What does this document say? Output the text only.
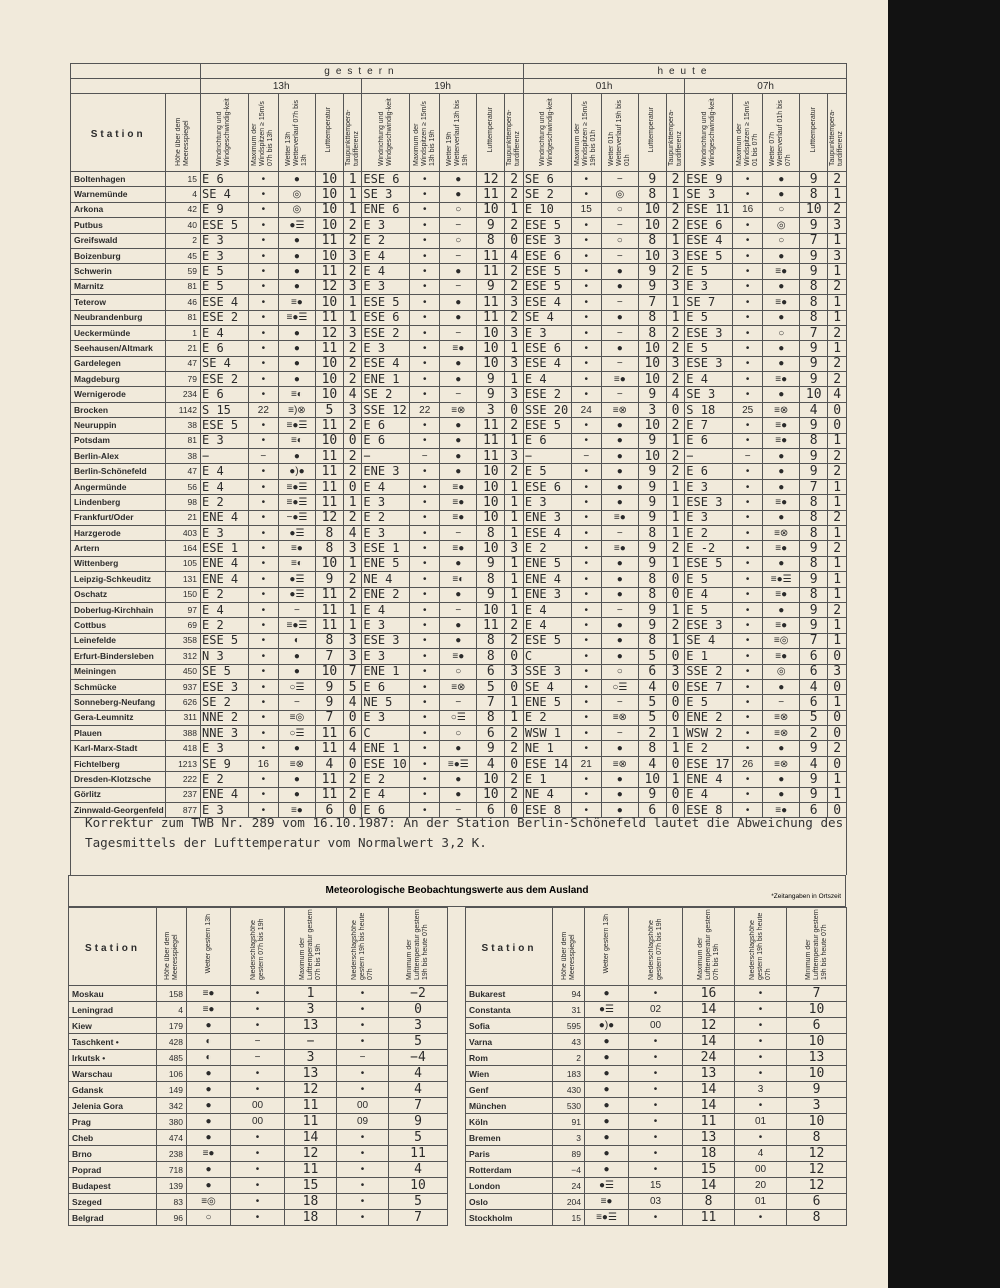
		gestern										heute									
		13h					19h					01h					07h				
Station	Höhe über dem Meeresspiegel	Windrichtung und Windgeschwindig-keit	Maximum der Windspitzen ≥ 15m/s 07h bis 13h	Wetter 13h Wetterverlauf 07h bis 13h	Lufttemperatur	Taupunkttempera-turdifferenz	Windrichtung und Windgeschwindig-keit	Maximum der Windspitzen ≥ 15m/s 13h bis 19h	Wetter 19h Wetterverlauf 13h bis 19h	Lufttemperatur	Taupunkttempera-turdifferenz	Windrichtung und Windgeschwindig-keit	Maximum der Windspitzen ≥ 15m/s 19h bis 01h	Wetter 01h Wetterverlauf 19h bis 01h	Lufttemperatur	Taupunkttempera-turdifferenz	Windrichtung und Windgeschwindig-keit	Maximum der Windspitzen ≥ 15m/s 01 bis 07h	Wetter 07h Wetterverlauf 01h bis 07h	Lufttemperatur	Taupunkttempera-turdifferenz
Boltenhagen	15	E 6	•	●	10	1	ESE 6	•	●	12	2	SE 6	•	−	9	2	ESE 9	•	●	9	2
Warnemünde	4	SE 4	•	◎	10	1	SE 3	•	●	11	2	SE 2	•	◎	8	1	SE 3	•	●	8	1
Arkona	42	E 9	•	◎	10	1	ENE 6	•	○	10	1	E 10	15	○	10	2	ESE 11	16	○	10	2
Putbus	40	ESE 5	•	●☰	10	2	E 3	•	−	9	2	ESE 5	•	−	10	2	ESE 6	•	◎	9	3
Greifswald	2	E 3	•	●	11	2	E 2	•	○	8	0	ESE 3	•	○	8	1	ESE 4	•	○	7	1
Boizenburg	45	E 3	•	●	10	3	E 4	•	−	11	4	ESE 6	•	−	10	3	ESE 5	•	●	9	3
Schwerin	59	E 5	•	●	11	2	E 4	•	●	11	2	ESE 5	•	●	9	2	E 5	•	≡●	9	1
Marnitz	81	E 5	•	●	12	3	E 3	•	−	9	2	ESE 5	•	●	9	3	E 3	•	●	8	2
Teterow	46	ESE 4	•	≡●	10	1	ESE 5	•	●	11	3	ESE 4	•	−	7	1	SE 7	•	≡●	8	1
Neubrandenburg	81	ESE 2	•	≡●☰	11	1	ESE 6	•	●	11	2	SE 4	•	●	8	1	E 5	•	●	8	1
Ueckermünde	1	E 4	•	●	12	3	ESE 2	•	−	10	3	E 3	•	−	8	2	ESE 3	•	○	7	2
Seehausen/Altmark	21	E 6	•	●	11	2	E 3	•	≡●	10	1	ESE 6	•	●	10	2	E 5	•	●	9	1
Gardelegen	47	SE 4	•	●	10	2	ESE 4	•	●	10	3	ESE 4	•	−	10	3	ESE 3	•	●	9	2
Magdeburg	79	ESE 2	•	●	10	2	ENE 1	•	●	9	1	E 4	•	≡●	10	2	E 4	•	≡●	9	2
Wernigerode	234	E 6	•	≡◐	10	4	SE 2	•	−	9	3	ESE 2	•	−	9	4	SE 3	•	●	10	4
Brocken	1142	S 15	22	≡)⊗	5	3	SSE 12	22	≡⊗	3	0	SSE 20	24	≡⊗	3	0	S 18	25	≡⊗	4	0
Neuruppin	38	ESE 5	•	≡●☰	11	2	E 6	•	●	11	2	ESE 5	•	●	10	2	E 7	•	≡●	9	0
Potsdam	81	E 3	•	≡◐	10	0	E 6	•	●	11	1	E 6	•	●	9	1	E 6	•	≡●	8	1
Berlin-Alex	38	−	−	●	11	2	−	−	●	11	3	−	−	●	10	2	−	−	●	9	2
Berlin-Schönefeld	47	E 4	•	●)●	11	2	ENE 3	•	●	10	2	E 5	•	●	9	2	E 6	•	●	9	2
Angermünde	56	E 4	•	≡●☰	11	0	E 4	•	≡●	10	1	ESE 6	•	●	9	1	E 3	•	●	7	1
Lindenberg	98	E 2	•	≡●☰	11	1	E 3	•	≡●	10	1	E 3	•	●	9	1	ESE 3	•	≡●	8	1
Frankfurt/Oder	21	ENE 4	•	−●☰	12	2	E 2	•	≡●	10	1	ENE 3	•	≡●	9	1	E 3	•	●	8	2
Harzgerode	403	E 3	•	●☰	8	4	E 3	•	−	8	1	ESE 4	•	−	8	1	E 2	•	≡⊗	8	1
Artern	164	ESE 1	•	≡●	8	3	ESE 1	•	≡●	10	3	E 2	•	≡●	9	2	E -2	•	≡●	9	2
Wittenberg	105	ENE 4	•	≡◐	10	1	ENE 5	•	●	9	1	ENE 5	•	●	9	1	ESE 5	•	●	8	1
Leipzig-Schkeuditz	131	ENE 4	•	●☰	9	2	NE 4	•	≡◐	8	1	ENE 4	•	●	8	0	E 5	•	≡●☰	9	1
Oschatz	150	E 2	•	●☰	11	2	ENE 2	•	●	9	1	ENE 3	•	●	8	0	E 4	•	≡●	8	1
Doberlug-Kirchhain	97	E 4	•	−	11	1	E 4	•	−	10	1	E 4	•	−	9	1	E 5	•	●	9	2
Cottbus	69	E 2	•	≡●☰	11	1	E 3	•	●	11	2	E 4	•	●	9	2	ESE 3	•	≡●	9	1
Leinefelde	358	ESE 5	•	◐	8	3	ESE 3	•	●	8	2	ESE 5	•	●	8	1	SE 4	•	≡◎	7	1
Erfurt-Bindersleben	312	N 3	•	●	7	3	E 3	•	≡●	8	0	C	•	●	5	0	E 1	•	≡●	6	0
Meiningen	450	SE 5	•	●	10	7	ENE 1	•	○	6	3	SSE 3	•	○	6	3	SSE 2	•	◎	6	3
Schmücke	937	ESE 3	•	○☰	9	5	E 6	•	≡⊗	5	0	SE 4	•	○☰	4	0	ESE 7	•	●	4	0
Sonneberg-Neufang	626	SE 2	•	−	9	4	NE 5	•	−	7	1	ENE 5	•	−	5	0	E 5	•	−	6	1
Gera-Leumnitz	311	NNE 2	•	≡◎	7	0	E 3	•	○☰	8	1	E 2	•	≡⊗	5	0	ENE 2	•	≡⊗	5	0
Plauen	388	NNE 3	•	○☰	11	6	C	•	○	6	2	WSW 1	•	−	2	1	WSW 2	•	≡⊗	2	0
Karl-Marx-Stadt	418	E 3	•	●	11	4	ENE 1	•	●	9	2	NE 1	•	●	8	1	E 2	•	●	9	2
Fichtelberg	1213	SE 9	16	≡⊗	4	0	ESE 10	•	≡●☰	4	0	ESE 14	21	≡⊗	4	0	ESE 17	26	≡⊗	4	0
Dresden-Klotzsche	222	E 2	•	●	11	2	E 2	•	●	10	2	E 1	•	●	10	1	ENE 4	•	●	9	1
Görlitz	237	ENE 4	•	●	11	2	E 4	•	●	10	2	NE 4	•	●	9	0	E 4	•	●	9	1
Zinnwald-Georgenfeld	877	E 3	•	≡●	6	0	E 6	•	−	6	0	ESE 8	•	●	6	0	ESE 8	•	≡●	6	0

Korrektur zum TWB Nr. 289 vom 16.10.1987: An der Station Berlin-Schönefeld lautet die Abweichung des
Tagesmittels der Lufttemperatur vom Normalwert 3,2 K.

Meteorologische Beobachtungswerte aus dem Ausland
*Zeitangaben in Ortszeit
Station	Höhe über dem Meeresspiegel	Wetter gestern 13h	Niederschlagshöhe gestern 07h bis 19h	Maximum der Lufttemperatur gestern 07h bis 19h	Niederschlagshöhe gestern 19h bis heute 07h	Minimum der Lufttemperatur gestern 19h bis heute 07h
Moskau	158	≡●	•	1	•	−2
Leningrad	4	≡●	•	3	•	0
Kiew	179	●	•	13	•	3
Taschkent •	428	◐	−	−	•	5
Irkutsk •	485	◐	−	3	−	−4
Warschau	106	●	•	13	•	4
Gdansk	149	●	•	12	•	4
Jelenia Gora	342	●	00	11	00	7
Prag	380	●	00	11	09	9
Cheb	474	●	•	14	•	5
Brno	238	≡●	•	12	•	11
Poprad	718	●	•	11	•	4
Budapest	139	●	•	15	•	10
Szeged	83	≡◎	•	18	•	5
Belgrad	96	○	•	18	•	7
Station	Höhe über dem Meeresspiegel	Wetter gestern 13h	Niederschlagshöhe gestern 07h bis 19h	Maximum der Lufttemperatur gestern 07h bis 19h	Niederschlagshöhe gestern 19h bis heute 07h	Minimum der Lufttemperatur gestern 19h bis heute 07h
Bukarest	94	●	•	16	•	7
Constanta	31	●☰	02	14	•	10
Sofia	595	●)●	00	12	•	6
Varna	43	●	•	14	•	10
Rom	2	●	•	24	•	13
Wien	183	●	•	13	•	10
Genf	430	●	•	14	3	9
München	530	●	•	14	•	3
Köln	91	●	•	11	01	10
Bremen	3	●	•	13	•	8
Paris	89	●	•	18	4	12
Rotterdam	−4	●	•	15	00	12
London	24	●☰	15	14	20	12
Oslo	204	≡●	03	8	01	6
Stockholm	15	≡●☰	•	11	•	8
